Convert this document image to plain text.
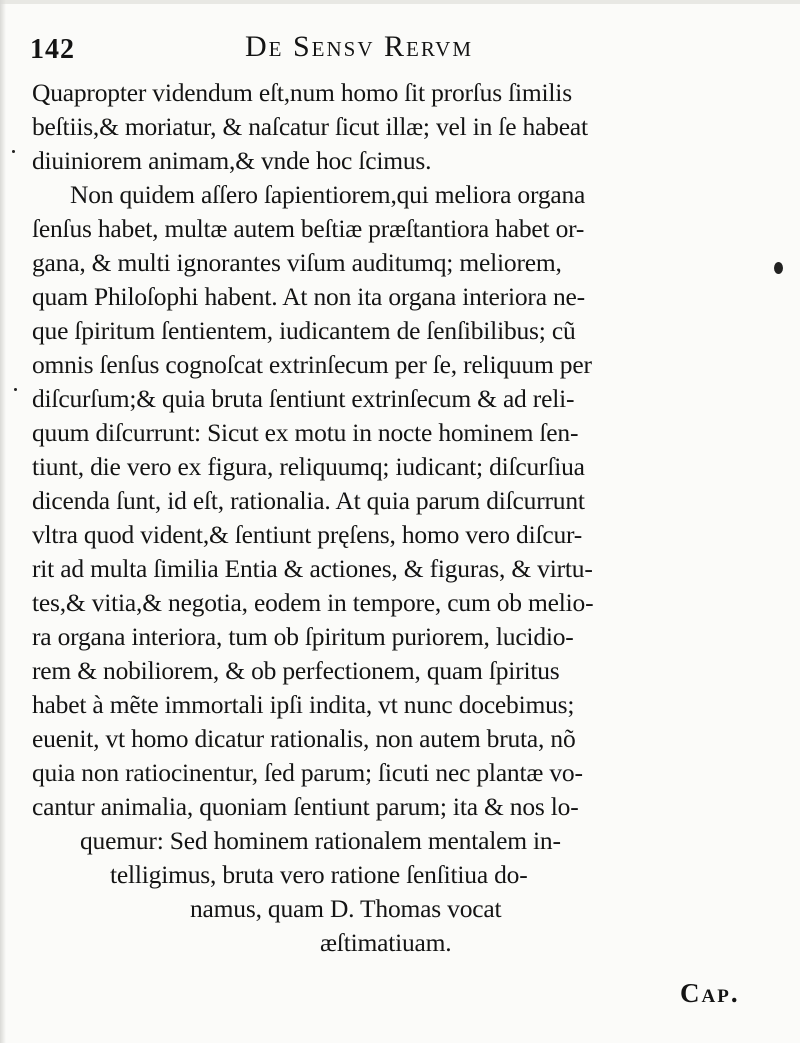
142	De Sensv Rervm
Quapropter videndum eſt,num homo ſit prorſus ſimilis
beſtiis,& moriatur, & naſcatur ſicut illæ; vel in ſe habeat
diuiniorem animam,& vnde hoc ſcimus.
Non quidem aſſero ſapientiorem,qui meliora organa
ſenſus habet, multæ autem beſtiæ præſtantiora habet or-
gana, & multi ignorantes viſum auditumq; meliorem,
quam Philoſophi habent. At non ita organa interiora ne-
que ſpiritum ſentientem, iudicantem de ſenſibilibus; cũ
omnis ſenſus cognoſcat extrinſecum per ſe, reliquum per
diſcurſum;& quia bruta ſentiunt extrinſecum & ad reli-
quum diſcurrunt: Sicut ex motu in nocte hominem ſen-
tiunt, die vero ex figura, reliquumq; iudicant; diſcurſiua
dicenda ſunt, id eſt, rationalia. At quia parum diſcurrunt
vltra quod vident,& ſentiunt pręſens, homo vero diſcur-
rit ad multa ſimilia Entia & actiones, & figuras, & virtu-
tes,& vitia,& negotia, eodem in tempore, cum ob melio-
ra organa interiora, tum ob ſpiritum puriorem, lucidio-
rem & nobiliorem, & ob perfectionem, quam ſpiritus
habet à mẽte immortali ipſi indita, vt nunc docebimus;
euenit, vt homo dicatur rationalis, non autem bruta, nõ
quia non ratiocinentur, ſed parum; ſicuti nec plantæ vo-
cantur animalia, quoniam ſentiunt parum; ita & nos lo-
quemur: Sed hominem rationalem mentalem in-
telligimus, bruta vero ratione ſenſitiua do-
namus, quam D. Thomas vocat
æſtimatiuam.
Cap.
